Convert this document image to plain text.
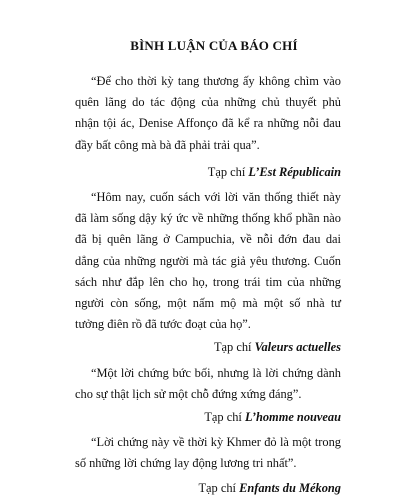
BÌNH LUẬN CỦA BÁO CHÍ

“Để cho thời kỳ tang thương ấy không chìm vào quên lãng do tác động của những chủ thuyết phủ nhận tội ác, Denise Affonço đã kể ra những nỗi đau đầy bất công mà bà đã phải trải qua”.

Tạp chí L’Est Républicain

“Hôm nay, cuốn sách với lời văn thống thiết này đã làm sống dậy ký ức về những thống khổ phần nào đã bị quên lãng ở Campuchia, về nỗi đớn đau dai dẳng của những người mà tác giả yêu thương. Cuốn sách như đắp lên cho họ, trong trái tim của những người còn sống, một nấm mộ mà một số nhà tư tưởng điên rồ đã tước đoạt của họ”.

Tạp chí Valeurs actuelles

“Một lời chứng bức bối, nhưng là lời chứng dành cho sự thật lịch sử một chỗ đứng xứng đáng”.

Tạp chí L’homme nouveau

“Lời chứng này về thời kỳ Khmer đỏ là một trong số những lời chứng lay động lương tri nhất”.

Tạp chí Enfants du Mékong
